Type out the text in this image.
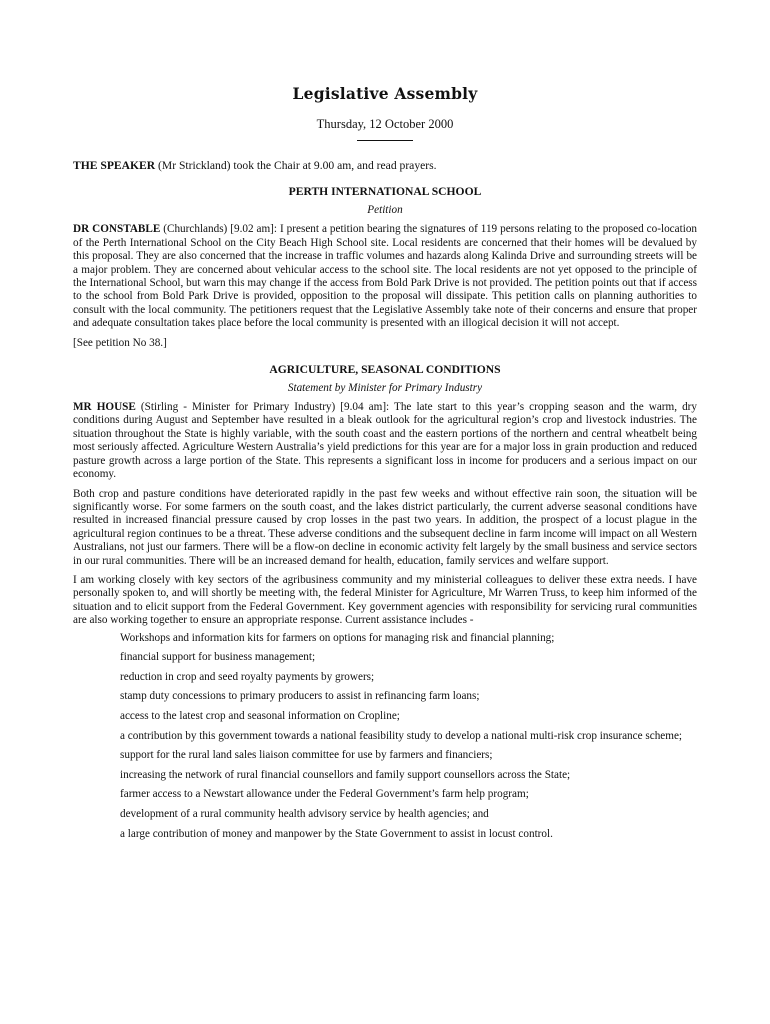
Legislative Assembly
Thursday, 12 October 2000

THE SPEAKER (Mr Strickland) took the Chair at 9.00 am, and read prayers.

PERTH INTERNATIONAL SCHOOL
Petition

DR CONSTABLE (Churchlands) [9.02 am]: I present a petition bearing the signatures of 119 persons relating to the proposed co-location of the Perth International School on the City Beach High School site. Local residents are concerned that their homes will be devalued by this proposal. They are also concerned that the increase in traffic volumes and hazards along Kalinda Drive and surrounding streets will be a major problem. They are concerned about vehicular access to the school site. The local residents are not yet opposed to the principle of the International School, but warn this may change if the access from Bold Park Drive is not provided. The petition points out that if access to the school from Bold Park Drive is provided, opposition to the proposal will dissipate. This petition calls on planning authorities to consult with the local community. The petitioners request that the Legislative Assembly take note of their concerns and ensure that proper and adequate consultation takes place before the local community is presented with an illogical decision it will not accept.

[See petition No 38.]

AGRICULTURE, SEASONAL CONDITIONS
Statement by Minister for Primary Industry

MR HOUSE (Stirling - Minister for Primary Industry) [9.04 am]: The late start to this year’s cropping season and the warm, dry conditions during August and September have resulted in a bleak outlook for the agricultural region’s crop and livestock industries. The situation throughout the State is highly variable, with the south coast and the eastern portions of the northern and central wheatbelt being most seriously affected. Agriculture Western Australia’s yield predictions for this year are for a major loss in grain production and reduced pasture growth across a large portion of the State. This represents a significant loss in income for producers and a serious impact on our economy.

Both crop and pasture conditions have deteriorated rapidly in the past few weeks and without effective rain soon, the situation will be significantly worse. For some farmers on the south coast, and the lakes district particularly, the current adverse seasonal conditions have resulted in increased financial pressure caused by crop losses in the past two years. In addition, the prospect of a locust plague in the agricultural region continues to be a threat. These adverse conditions and the subsequent decline in farm income will impact on all Western Australians, not just our farmers. There will be a flow-on decline in economic activity felt largely by the small business and service sectors in our rural communities. There will be an increased demand for health, education, family services and welfare support.

I am working closely with key sectors of the agribusiness community and my ministerial colleagues to deliver these extra needs. I have personally spoken to, and will shortly be meeting with, the federal Minister for Agriculture, Mr Warren Truss, to keep him informed of the situation and to elicit support from the Federal Government. Key government agencies with responsibility for servicing rural communities are also working together to ensure an appropriate response. Current assistance includes -

Workshops and information kits for farmers on options for managing risk and financial planning;
financial support for business management;
reduction in crop and seed royalty payments by growers;
stamp duty concessions to primary producers to assist in refinancing farm loans;
access to the latest crop and seasonal information on Cropline;
a contribution by this government towards a national feasibility study to develop a national multi-risk crop insurance scheme;
support for the rural land sales liaison committee for use by farmers and financiers;
increasing the network of rural financial counsellors and family support counsellors across the State;
farmer access to a Newstart allowance under the Federal Government’s farm help program;
development of a rural community health advisory service by health agencies; and
a large contribution of money and manpower by the State Government to assist in locust control.
